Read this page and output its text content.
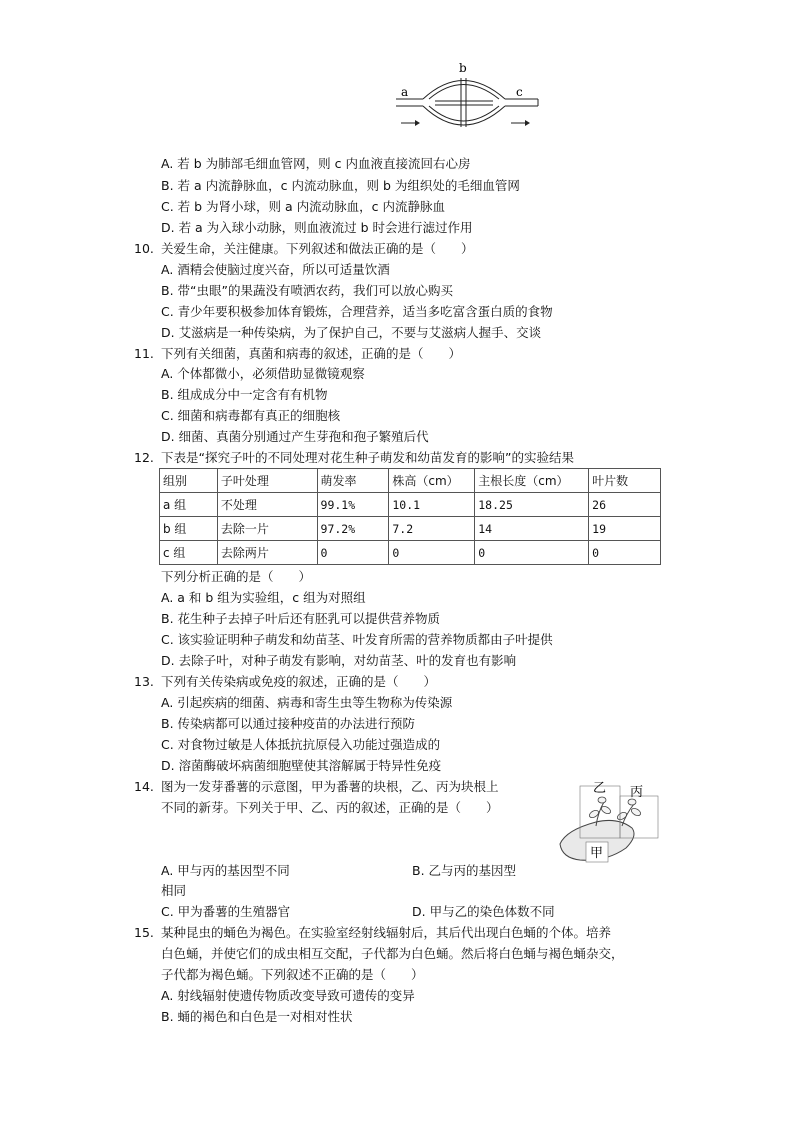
a
b
c
A. 若 b 为肺部毛细血管网，则 c 内血液直接流回右心房
B. 若 a 内流静脉血，c 内流动脉血，则 b 为组织处的毛细血管网
C. 若 b 为肾小球，则 a 内流动脉血，c 内流静脉血
D. 若 a 为入球小动脉，则血液流过 b 时会进行滤过作用
10. 关爱生命，关注健康。下列叙述和做法正确的是（　　）
A. 酒精会使脑过度兴奋，所以可适量饮酒
B. 带“虫眼”的果蔬没有喷洒农药，我们可以放心购买
C. 青少年要积极参加体育锻炼，合理营养，适当多吃富含蛋白质的食物
D. 艾滋病是一种传染病，为了保护自己，不要与艾滋病人握手、交谈
11. 下列有关细菌，真菌和病毒的叙述，正确的是（　　）
A. 个体都微小，必须借助显微镜观察
B. 组成成分中一定含有有机物
C. 细菌和病毒都有真正的细胞核
D. 细菌、真菌分别通过产生芽孢和孢子繁殖后代
12. 下表是“探究子叶的不同处理对花生种子萌发和幼苗发育的影响”的实验结果
组别	子叶处理	萌发率	株高（cm）	主根长度（cm）	叶片数
a 组	不处理	99.1%	10.1	18.25	26
b 组	去除一片	97.2%	7.2	14	19
c 组	去除两片	0	0	0	0
下列分析正确的是（　　）
A. a 和 b 组为实验组，c 组为对照组
B. 花生种子去掉子叶后还有胚乳可以提供营养物质
C. 该实验证明种子萌发和幼苗茎、叶发育所需的营养物质都由子叶提供
D. 去除子叶，对种子萌发有影响，对幼苗茎、叶的发育也有影响
13. 下列有关传染病或免疫的叙述，正确的是（　　）
A. 引起疾病的细菌、病毒和寄生虫等生物称为传染源
B. 传染病都可以通过接种疫苗的办法进行预防
C. 对食物过敏是人体抵抗抗原侵入功能过强造成的
D. 溶菌酶破坏病菌细胞壁使其溶解属于特异性免疫
14. 图为一发芽番薯的示意图，甲为番薯的块根，乙、丙为块根上
不同的新芽。下列关于甲、乙、丙的叙述，正确的是（　　）
乙 丙
甲
A. 甲与丙的基因型不同	B. 乙与丙的基因型
相同
C. 甲为番薯的生殖器官	D. 甲与乙的染色体数不同
15. 某种昆虫的蛹色为褐色。在实验室经射线辐射后，其后代出现白色蛹的个体。培养
白色蛹，并使它们的成虫相互交配，子代都为白色蛹。然后将白色蛹与褐色蛹杂交，
子代都为褐色蛹。下列叙述不正确的是（　　）
A. 射线辐射使遗传物质改变导致可遗传的变异
B. 蛹的褐色和白色是一对相对性状
